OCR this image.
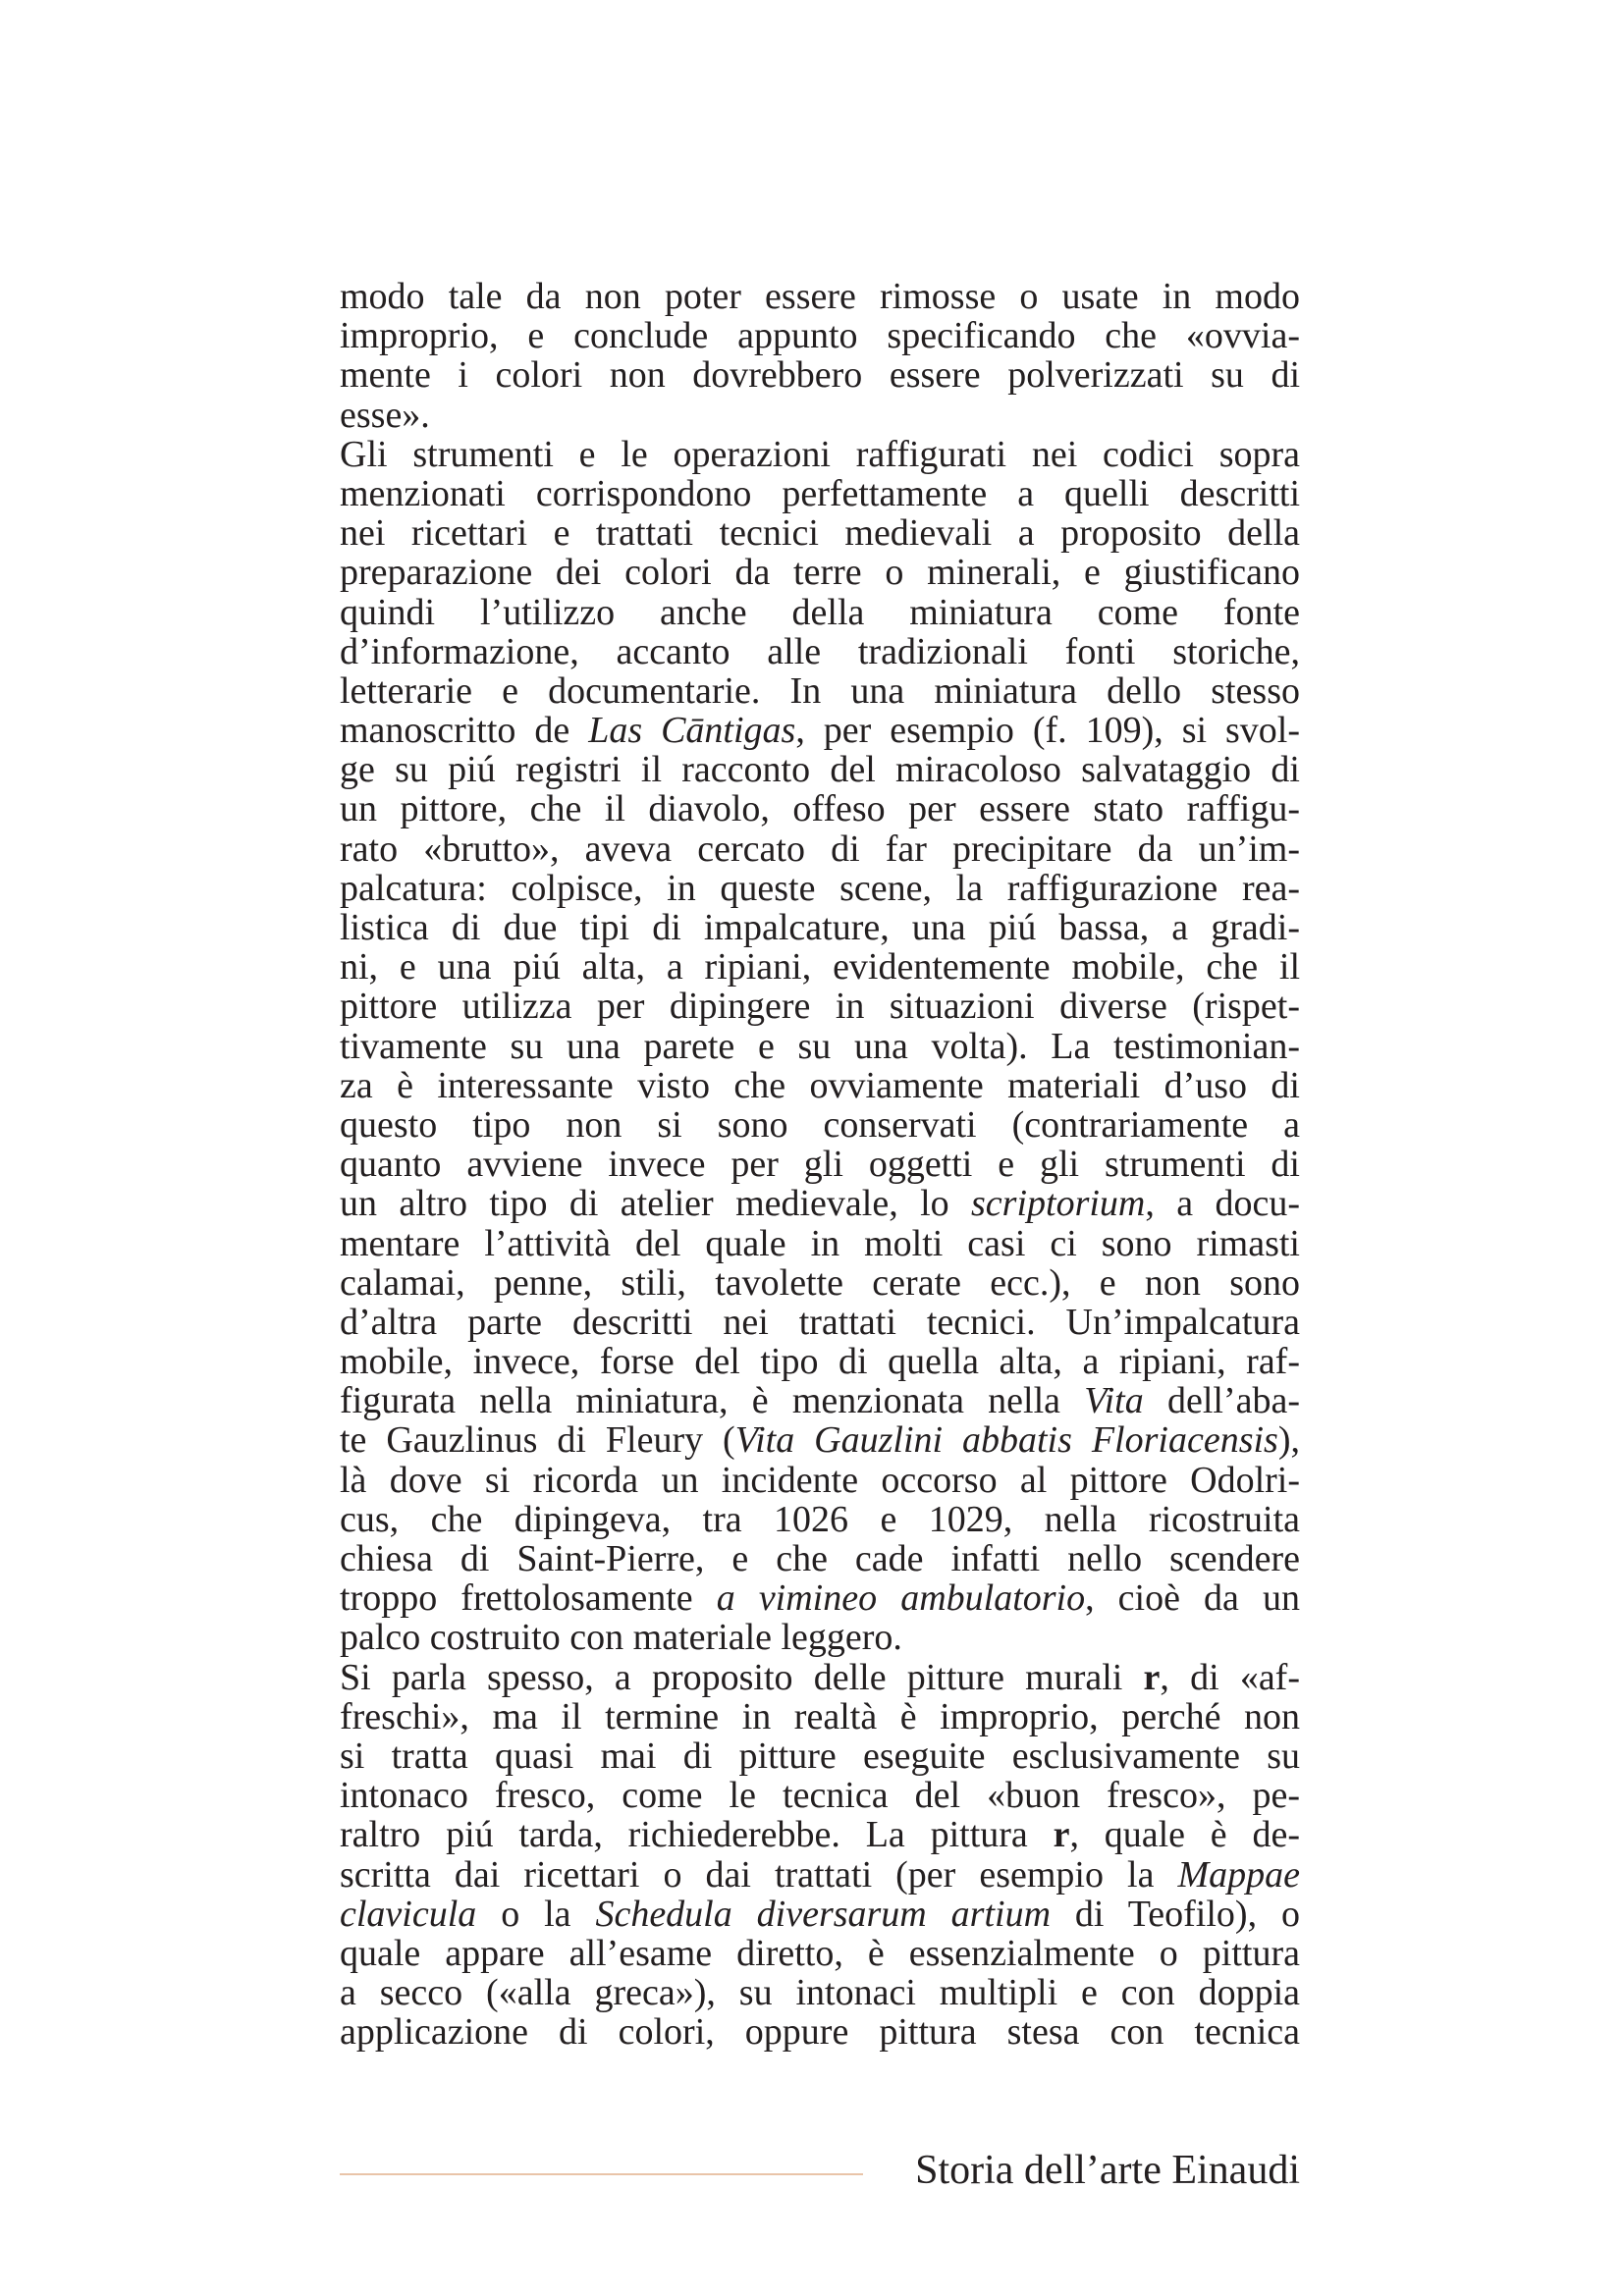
modo tale da non poter essere rimosse o usate in modo
improprio, e conclude appunto specificando che «ovvia-
mente i colori non dovrebbero essere polverizzati su di
esse».
Gli strumenti e le operazioni raffigurati nei codici sopra
menzionati corrispondono perfettamente a quelli descritti
nei ricettari e trattati tecnici medievali a proposito della
preparazione dei colori da terre o minerali, e giustificano
quindi l’utilizzo anche della miniatura come fonte
d’informazione, accanto alle tradizionali fonti storiche,
letterarie e documentarie. In una miniatura dello stesso
manoscritto de Las Cāntigas, per esempio (f. 109), si svol-
ge su piú registri il racconto del miracoloso salvataggio di
un pittore, che il diavolo, offeso per essere stato raffigu-
rato «brutto», aveva cercato di far precipitare da un’im-
palcatura: colpisce, in queste scene, la raffigurazione rea-
listica di due tipi di impalcature, una piú bassa, a gradi-
ni, e una piú alta, a ripiani, evidentemente mobile, che il
pittore utilizza per dipingere in situazioni diverse (rispet-
tivamente su una parete e su una volta). La testimonian-
za è interessante visto che ovviamente materiali d’uso di
questo tipo non si sono conservati (contrariamente a
quanto avviene invece per gli oggetti e gli strumenti di
un altro tipo di atelier medievale, lo scriptorium, a docu-
mentare l’attività del quale in molti casi ci sono rimasti
calamai, penne, stili, tavolette cerate ecc.), e non sono
d’altra parte descritti nei trattati tecnici. Un’impalcatura
mobile, invece, forse del tipo di quella alta, a ripiani, raf-
figurata nella miniatura, è menzionata nella Vita dell’aba-
te Gauzlinus di Fleury (Vita Gauzlini abbatis Floriacensis),
là dove si ricorda un incidente occorso al pittore Odolri-
cus, che dipingeva, tra 1026 e 1029, nella ricostruita
chiesa di Saint-Pierre, e che cade infatti nello scendere
troppo frettolosamente a vimineo ambulatorio, cioè da un
palco costruito con materiale leggero.
Si parla spesso, a proposito delle pitture murali r, di «af-
freschi», ma il termine in realtà è improprio, perché non
si tratta quasi mai di pitture eseguite esclusivamente su
intonaco fresco, come le tecnica del «buon fresco», pe-
raltro piú tarda, richiederebbe. La pittura r, quale è de-
scritta dai ricettari o dai trattati (per esempio la Mappae
clavicula o la Schedula diversarum artium di Teofilo), o
quale appare all’esame diretto, è essenzialmente o pittura
a secco («alla greca»), su intonaci multipli e con doppia
applicazione di colori, oppure pittura stesa con tecnica
Storia dell’arte Einaudi
